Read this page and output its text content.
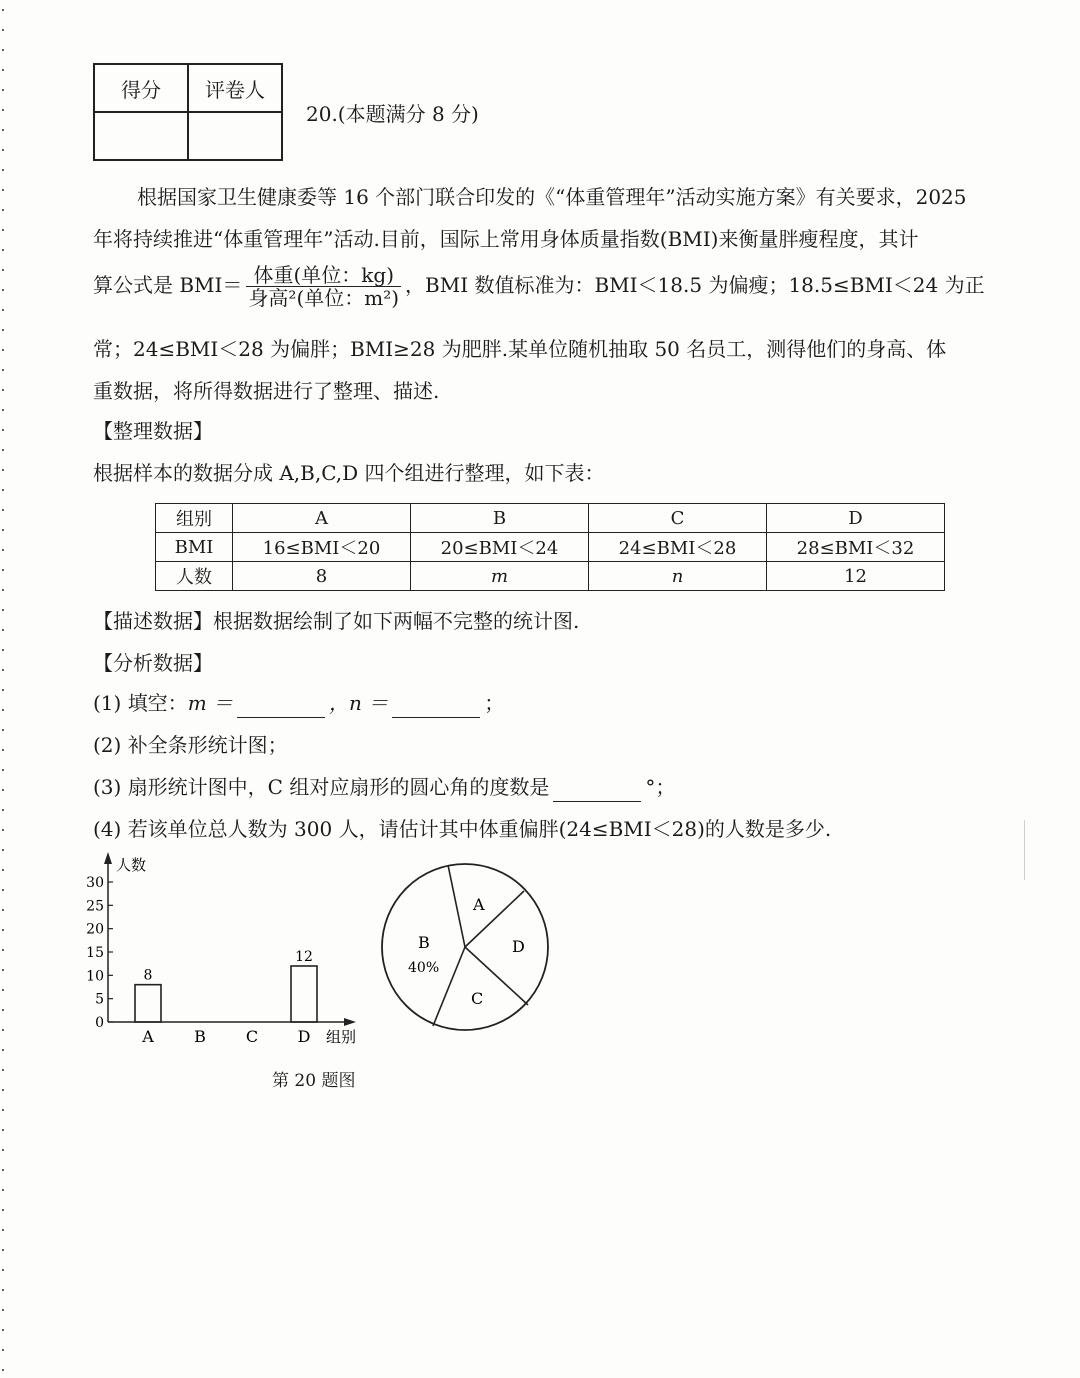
得分	评卷人

20.(本题满分 8 分)
根据国家卫生健康委等 16 个部门联合印发的《“体重管理年”活动实施方案》有关要求，2025
年将持续推进“体重管理年”活动.目前，国际上常用身体质量指数(BMI)来衡量胖瘦程度，其计
算公式是 $BMI= \frac{\text{体重(单位：kg)}}{\text{身高²(单位：m²)}}$ ，BMI 数值标准为：BMI＜18.5 为偏瘦；18.5≤BMI＜24 为正
常；24≤BMI＜28 为偏胖；BMI≥28 为肥胖.某单位随机抽取 50 名员工，测得他们的身高、体
重数据，将所得数据进行了整理、描述.
【整理数据】
根据样本的数据分成 A,B,C,D 四个组进行整理，如下表：
组别	A	B	C	D
BMI	16≤BMI＜20	20≤BMI＜24	24≤BMI＜28	28≤BMI＜32
人数	8	m	n	12
【描述数据】根据数据绘制了如下两幅不完整的统计图.
【分析数据】
(1) 填空：m ＝	，n ＝	；
(2) 补全条形统计图；
(3) 扇形统计图中，C 组对应扇形的圆心角的度数是	°；
(4) 若该单位总人数为 300 人，请估计其中体重偏胖(24≤BMI＜28)的人数是多少.
人数
组别
0
5
10
15
20
25
30
8
12
A	B C D
A
B
40%
C
D
第 20 题图
